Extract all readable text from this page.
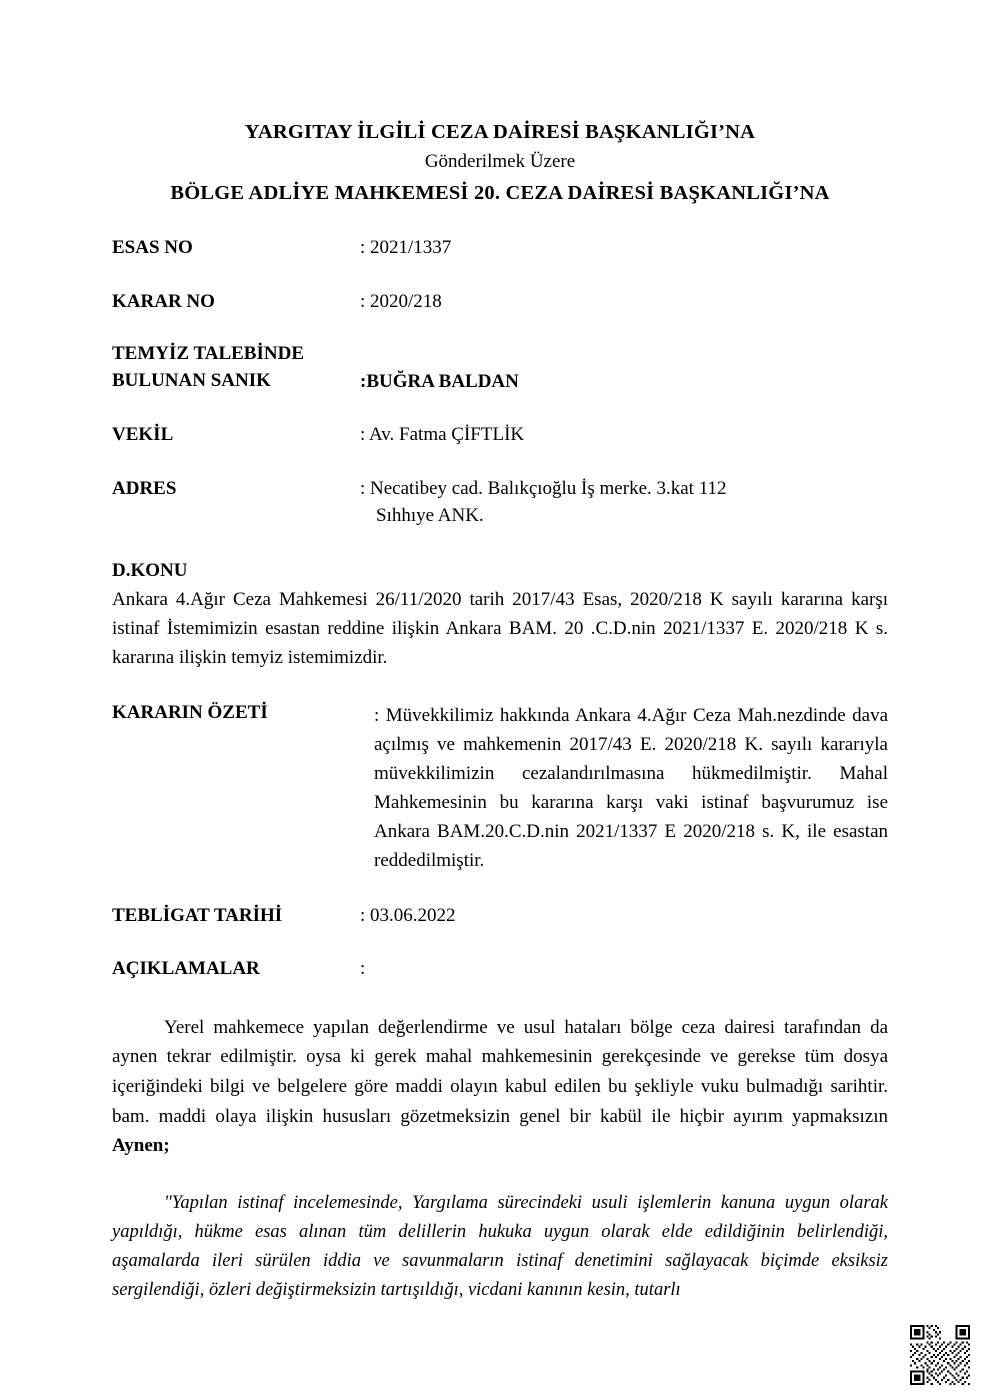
YARGITAY İLGİLİ CEZA DAİRESİ BAŞKANLIĞI’NA
Gönderilmek Üzere
BÖLGE ADLİYE MAHKEMESİ 20. CEZA DAİRESİ BAŞKANLIĞI’NA
ESAS NO	: 2021/1337
KARAR NO	: 2020/218
TEMYİZ TALEBİNDE
BULUNAN SANIK	:BUĞRA BALDAN
VEKİL	: Av. Fatma ÇİFTLİK
ADRES	: Necatibey cad. Balıkçıoğlu İş merke. 3.kat 112
Sıhhıye ANK.
D.KONU
Ankara 4.Ağır Ceza Mahkemesi 26/11/2020 tarih 2017/43 Esas, 2020/218 K sayılı kararına karşı istinaf İstemimizin esastan reddine ilişkin Ankara BAM. 20 .C.D.nin 2021/1337 E. 2020/218 K s. kararına ilişkin temyiz istemimizdir.
KARARIN ÖZETİ	: Müvekkilimiz hakkında Ankara 4.Ağır Ceza Mah.nezdinde dava açılmış ve mahkemenin 2017/43 E. 2020/218 K. sayılı kararıyla müvekkilimizin cezalandırılmasına hükmedilmiştir. Mahal Mahkemesinin bu kararına karşı vaki istinaf başvurumuz ise Ankara BAM.20.C.D.nin 2021/1337 E 2020/218 s. K, ile esastan reddedilmiştir.
TEBLİGAT TARİHİ	: 03.06.2022
AÇIKLAMALAR	:
Yerel mahkemece yapılan değerlendirme ve usul hataları bölge ceza dairesi tarafından da aynen tekrar edilmiştir. oysa ki gerek mahal mahkemesinin gerekçesinde ve gerekse tüm dosya içeriğindeki bilgi ve belgelere göre maddi olayın kabul edilen bu şekliyle vuku bulmadığı sarihtir. bam. maddi olaya ilişkin hususları gözetmeksizin genel bir kabül ile hiçbir ayırım yapmaksızın Aynen;
"Yapılan istinaf incelemesinde, Yargılama sürecindeki usuli işlemlerin kanuna uygun olarak yapıldığı, hükme esas alınan tüm delillerin hukuka uygun olarak elde edildiğinin belirlendiği, aşamalarda ileri sürülen iddia ve savunmaların istinaf denetimini sağlayacak biçimde eksiksiz sergilendiği, özleri değiştirmeksizin tartışıldığı, vicdani kanının kesin, tutarlı
